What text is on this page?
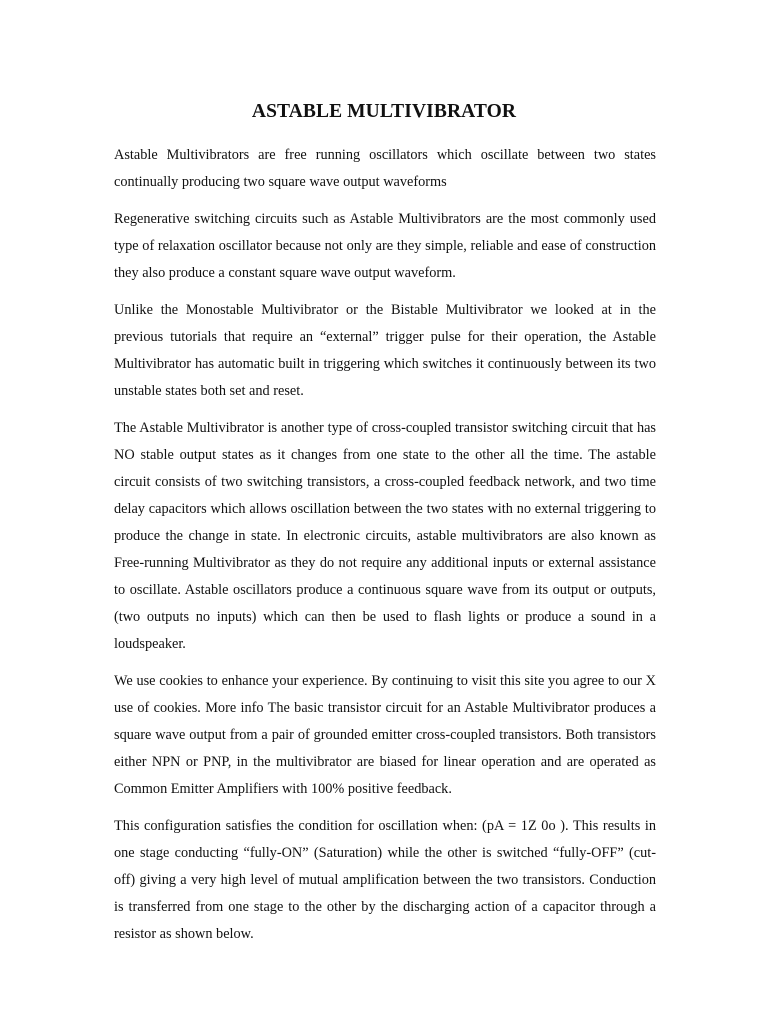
ASTABLE MULTIVIBRATOR

Astable Multivibrators are free running oscillators which oscillate between two states continually producing two square wave output waveforms

Regenerative switching circuits such as Astable Multivibrators are the most commonly used type of relaxation oscillator because not only are they simple, reliable and ease of construction they also produce a constant square wave output waveform.

Unlike the Monostable Multivibrator or the Bistable Multivibrator we looked at in the previous tutorials that require an “external” trigger pulse for their operation, the Astable Multivibrator has automatic built in triggering which switches it continuously between its two unstable states both set and reset.

The Astable Multivibrator is another type of cross-coupled transistor switching circuit that has NO stable output states as it changes from one state to the other all the time. The astable circuit consists of two switching transistors, a cross-coupled feedback network, and two time delay capacitors which allows oscillation between the two states with no external triggering to produce the change in state. In electronic circuits, astable multivibrators are also known as Free-running Multivibrator as they do not require any additional inputs or external assistance to oscillate. Astable oscillators produce a continuous square wave from its output or outputs, (two outputs no inputs) which can then be used to flash lights or produce a sound in a loudspeaker.

We use cookies to enhance your experience. By continuing to visit this site you agree to our X use of cookies. More info The basic transistor circuit for an Astable Multivibrator produces a square wave output from a pair of grounded emitter cross-coupled transistors. Both transistors either NPN or PNP, in the multivibrator are biased for linear operation and are operated as Common Emitter Amplifiers with 100% positive feedback.

This configuration satisfies the condition for oscillation when: (pA = 1Z 0o ). This results in one stage conducting “fully-ON” (Saturation) while the other is switched “fully-OFF” (cut-off) giving a very high level of mutual amplification between the two transistors. Conduction is transferred from one stage to the other by the discharging action of a capacitor through a resistor as shown below.
